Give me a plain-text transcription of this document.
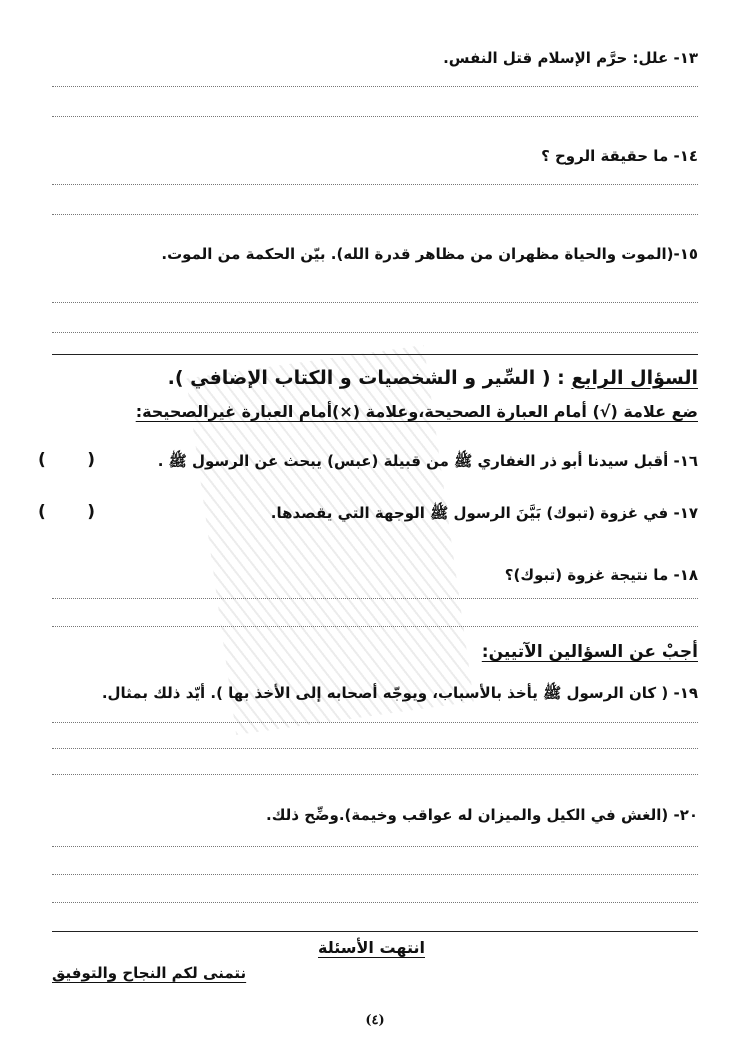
١٣- علل: حرَّم الإسلام قتل النفس.
١٤- ما حقيقة الروح ؟
١٥-(الموت والحياة مظهران من مظاهر قدرة الله). بيّن الحكمة من الموت.
السؤال الرابع : ( السِّير و الشخصيات و الكتاب الإضافي ).
ضع علامة (√) أمام العبارة الصحيحة،وعلامة (×)أمام العبارة غيرالصحيحة:
١٦- أقبل سيدنا أبو ذر الغفاري ﷺ من قبيلة (عبس) يبحث عن الرسول ﷺ .
(       )
١٧- في غزوة (تبوك) بَيَّنَ الرسول ﷺ الوجهة التي يقصدها.
(       )
١٨- ما نتيجة غزوة (تبوك)؟
أجبْ عن السؤالين الآتيين:
١٩- ( كان الرسول ﷺ يأخذ بالأسباب، ويوجّه أصحابه إلى الأخذ بها ). أيّد ذلك بمثال.
٢٠- (الغش في الكيل والميزان له عواقب وخيمة).وضِّح ذلك.
انتهت الأسئلة
نتمنى لكم النجاح والتوفيق
(٤)
